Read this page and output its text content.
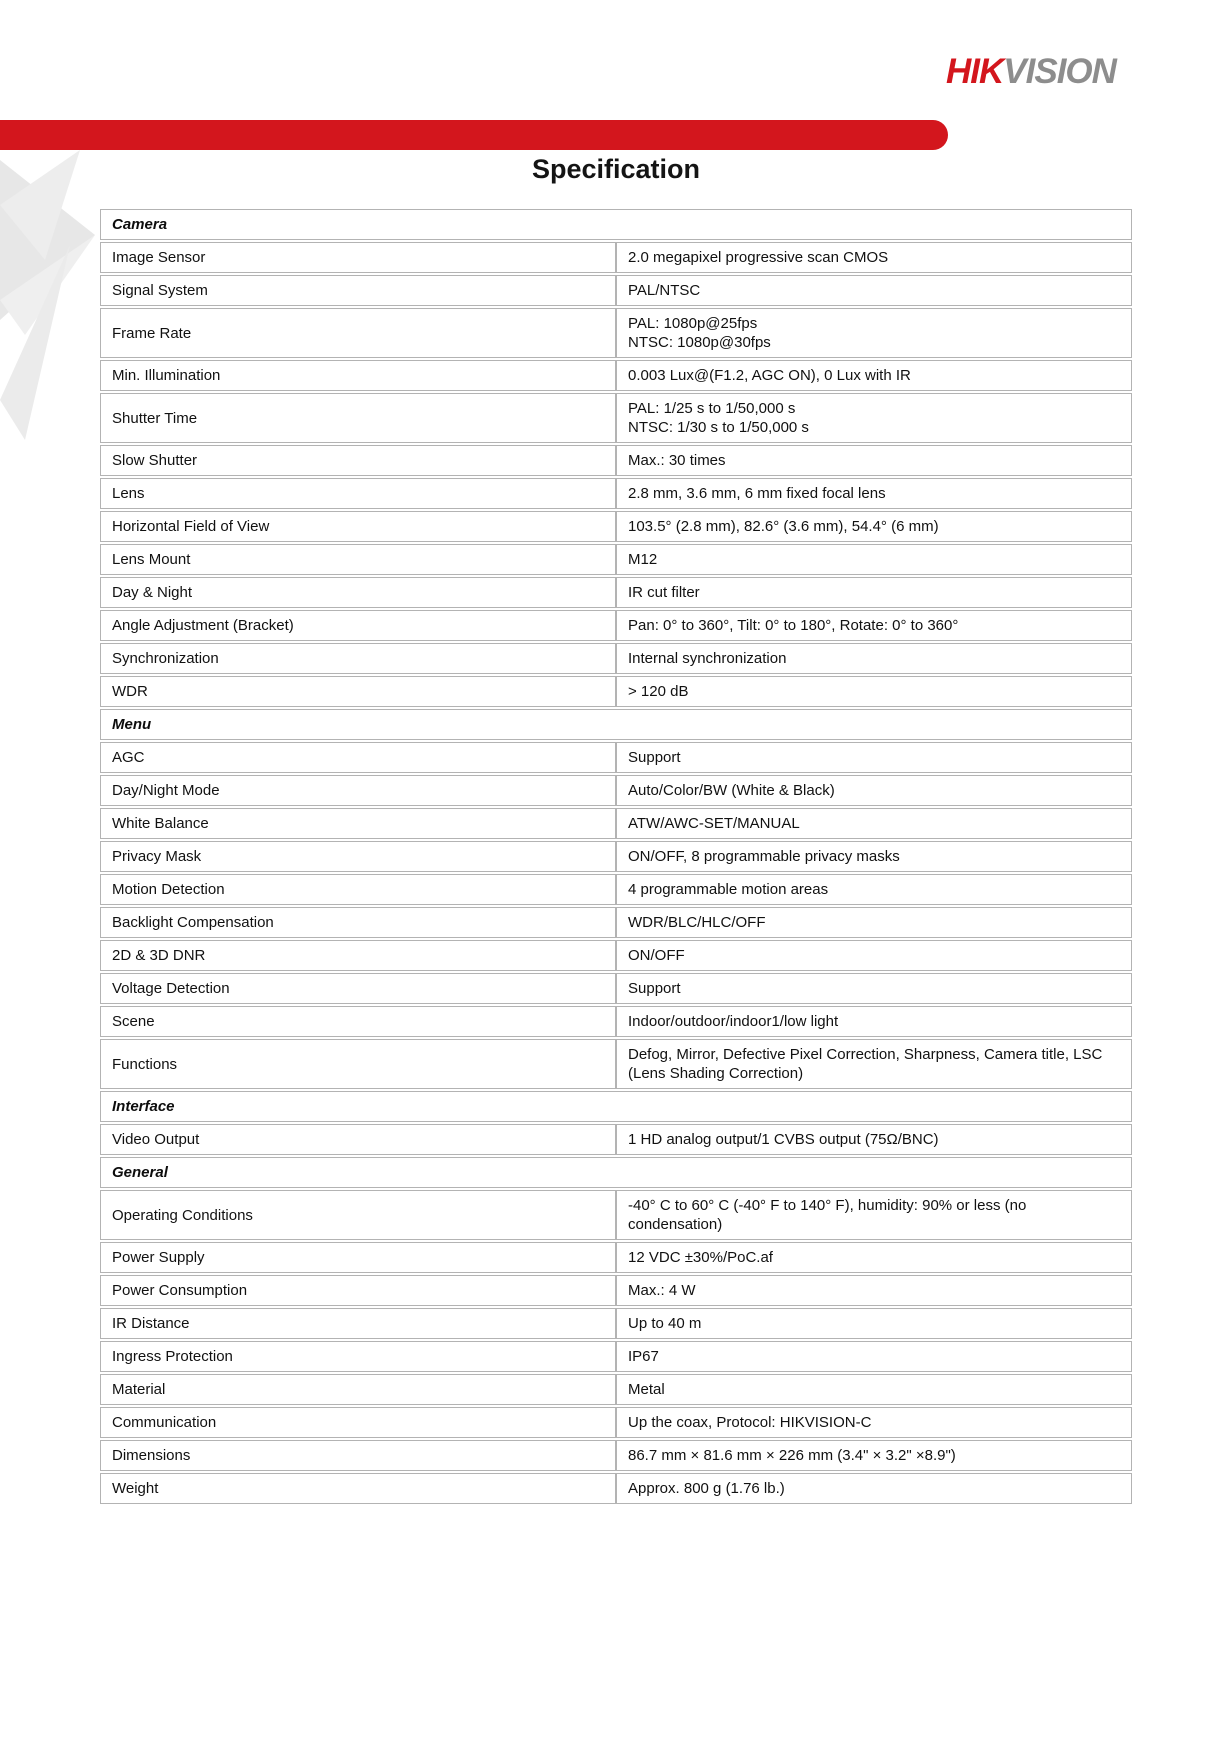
HIKVISION
Specification
Camera	
Image Sensor	2.0 megapixel progressive scan CMOS
Signal System	PAL/NTSC
Frame Rate	PAL: 1080p@25fps
NTSC: 1080p@30fps

Min. Illumination	0.003 Lux@(F1.2, AGC ON), 0 Lux with IR
Shutter Time	PAL: 1/25 s to 1/50,000 s
NTSC: 1/30 s to 1/50,000 s

Slow Shutter	Max.: 30 times
Lens	2.8 mm, 3.6 mm, 6 mm fixed focal lens
Horizontal Field of View	103.5° (2.8 mm), 82.6° (3.6 mm), 54.4° (6 mm)
Lens Mount	M12
Day & Night	IR cut filter
Angle Adjustment (Bracket)	Pan: 0° to 360°, Tilt: 0° to 180°, Rotate: 0° to 360°
Synchronization	Internal synchronization
WDR	> 120 dB
Menu	
AGC	Support
Day/Night Mode	Auto/Color/BW (White & Black)
White Balance	ATW/AWC-SET/MANUAL
Privacy Mask	ON/OFF, 8 programmable privacy masks
Motion Detection	4 programmable motion areas
Backlight Compensation	WDR/BLC/HLC/OFF
2D & 3D DNR	ON/OFF
Voltage Detection	Support
Scene	Indoor/outdoor/indoor1/low light
Functions	Defog, Mirror, Defective Pixel Correction, Sharpness, Camera title, LSC (Lens Shading Correction)
Interface	
Video Output	1 HD analog output/1 CVBS output (75Ω/BNC)
General	
Operating Conditions	-40° C to 60° C (-40° F to 140° F), humidity: 90% or less (no condensation)
Power Supply	12 VDC ±30%/PoC.af
Power Consumption	Max.: 4 W
IR Distance	Up to 40 m
Ingress Protection	IP67
Material	Metal
Communication	Up the coax, Protocol: HIKVISION-C
Dimensions	86.7 mm × 81.6 mm × 226 mm (3.4" × 3.2" ×8.9")
Weight	Approx. 800 g (1.76 lb.)
